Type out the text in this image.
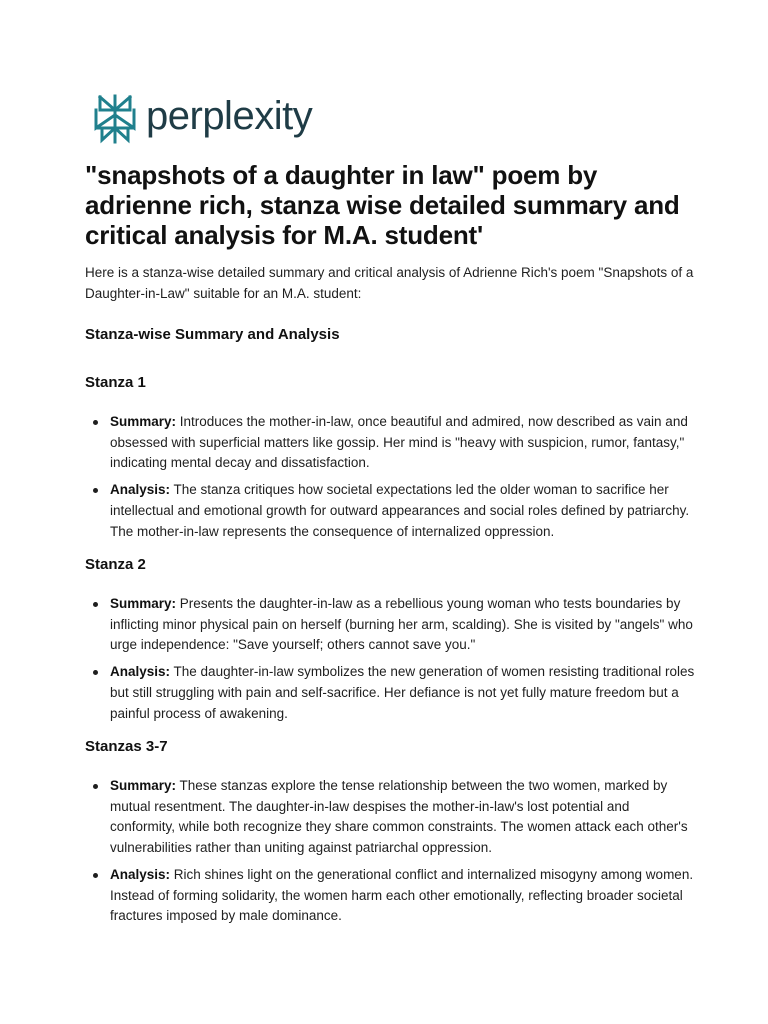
perplexity
"snapshots of a daughter in law" poem by adrienne rich, stanza wise detailed summary and critical analysis for M.A. student'

Here is a stanza-wise detailed summary and critical analysis of Adrienne Rich's poem "Snapshots of a Daughter-in-Law" suitable for an M.A. student:

Stanza-wise Summary and Analysis
Stanza 1
Summary: Introduces the mother-in-law, once beautiful and admired, now described as vain and obsessed with superficial matters like gossip. Her mind is "heavy with suspicion, rumor, fantasy," indicating mental decay and dissatisfaction.
Analysis: The stanza critiques how societal expectations led the older woman to sacrifice her intellectual and emotional growth for outward appearances and social roles defined by patriarchy. The mother-in-law represents the consequence of internalized oppression.
Stanza 2
Summary: Presents the daughter-in-law as a rebellious young woman who tests boundaries by inflicting minor physical pain on herself (burning her arm, scalding). She is visited by "angels" who urge independence: "Save yourself; others cannot save you."
Analysis: The daughter-in-law symbolizes the new generation of women resisting traditional roles but still struggling with pain and self-sacrifice. Her defiance is not yet fully mature freedom but a painful process of awakening.
Stanzas 3-7
Summary: These stanzas explore the tense relationship between the two women, marked by mutual resentment. The daughter-in-law despises the mother-in-law's lost potential and conformity, while both recognize they share common constraints. The women attack each other's vulnerabilities rather than uniting against patriarchal oppression.
Analysis: Rich shines light on the generational conflict and internalized misogyny among women. Instead of forming solidarity, the women harm each other emotionally, reflecting broader societal fractures imposed by male dominance.
